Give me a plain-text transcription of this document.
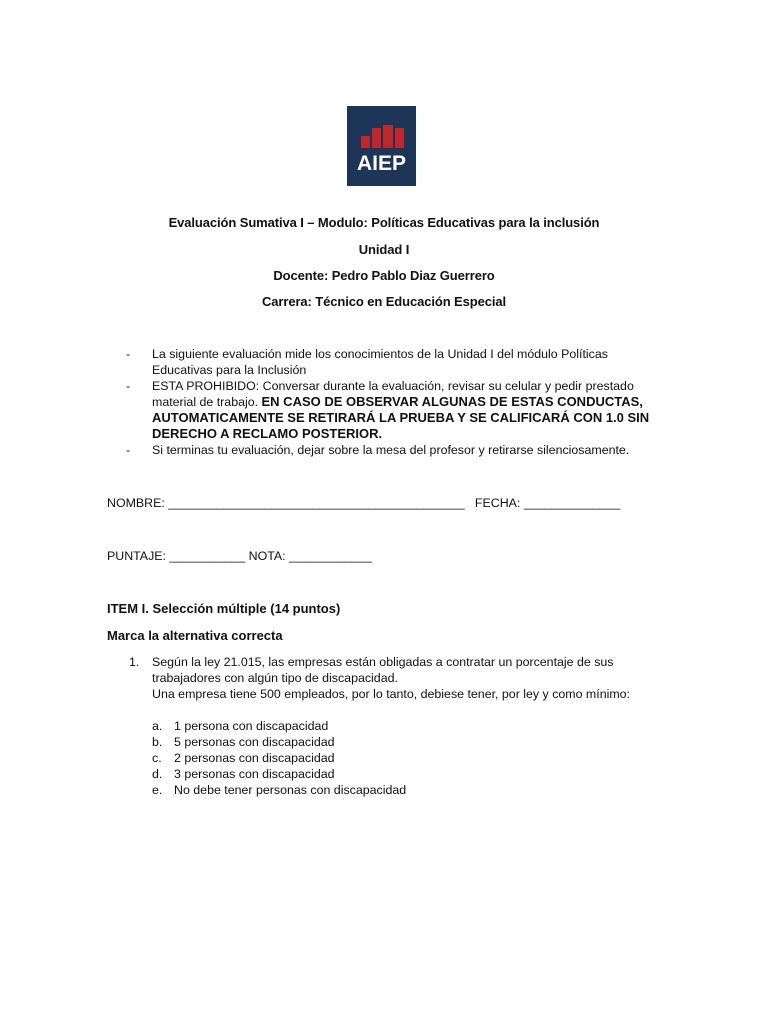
AIEP
Evaluación Sumativa I – Modulo: Políticas Educativas para la inclusión
Unidad I
Docente: Pedro Pablo Diaz Guerrero
Carrera: Técnico en Educación Especial
- La siguiente evaluación mide los conocimientos de la Unidad I del módulo Políticas Educativas para la Inclusión
- ESTA PROHIBIDO: Conversar durante la evaluación, revisar su celular y pedir prestado material de trabajo. EN CASO DE OBSERVAR ALGUNAS DE ESTAS CONDUCTAS, AUTOMATICAMENTE SE RETIRARÁ LA PRUEBA Y SE CALIFICARÁ CON 1.0 SIN DERECHO A RECLAMO POSTERIOR.
- Si terminas tu evaluación, dejar sobre la mesa del profesor y retirarse silenciosamente.
NOMBRE: ___________________________________________   FECHA: ______________
PUNTAJE: ___________ NOTA: ____________
ITEM I. Selección múltiple (14 puntos)
Marca la alternativa correcta
1. Según la ley 21.015, las empresas están obligadas a contratar un porcentaje de sus trabajadores con algún tipo de discapacidad.
Una empresa tiene 500 empleados, por lo tanto, debiese tener, por ley y como mínimo:
a. 1 persona con discapacidad
b. 5 personas con discapacidad
c. 2 personas con discapacidad
d. 3 personas con discapacidad
e. No debe tener personas con discapacidad
